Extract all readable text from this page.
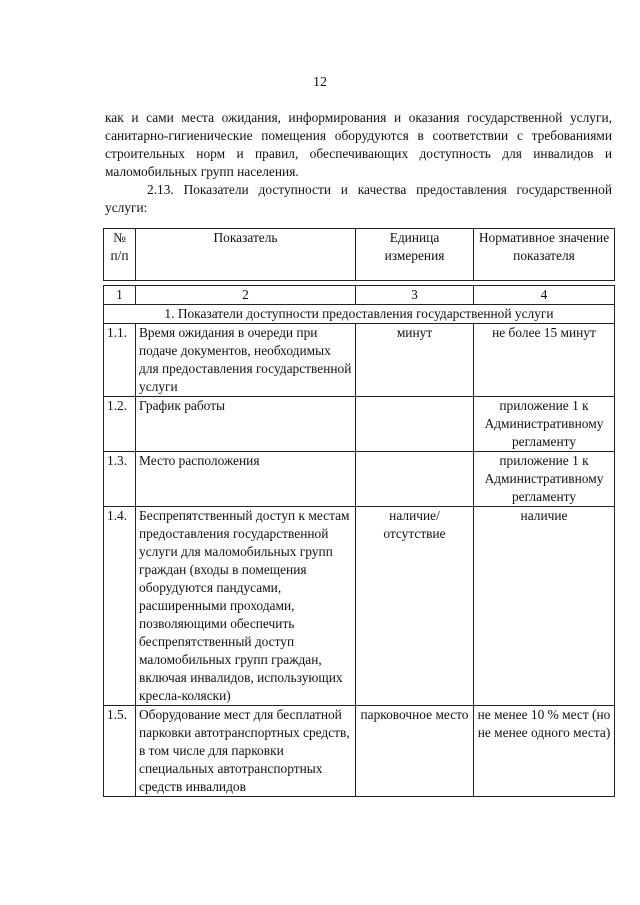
12

как и сами места ожидания, информирования и оказания государственной услуги, санитарно-гигиенические помещения оборудуются в соответствии с требованиями строительных норм и правил, обеспечивающих доступность для инвалидов и маломобильных групп населения.

2.13. Показатели доступности и качества предоставления государственной услуги:

№ п/п	Показатель	Единица измерения	Нормативное значение показателя

1	2	3	4
1. Показатели доступности предоставления государственной услуги			
1.1.	Время ожидания в очереди при подаче документов, необходимых для предоставления государственной услуги	минут	не более 15 минут
1.2.	График работы		приложение 1 к Административному регламенту
1.3.	Место расположения		приложение 1 к Административному регламенту
1.4.	Беспрепятственный доступ к местам предоставления государственной услуги для маломобильных групп граждан (входы в помещения оборудуются пандусами, расширенными проходами, позволяющими обеспечить беспрепятственный доступ маломобильных групп граждан, включая инвалидов, использующих кресла-коляски)	наличие/ отсутствие	наличие
1.5.	Оборудование мест для бесплатной парковки автотранспортных средств, в том числе для парковки специальных автотранспортных средств инвалидов	парковочное место	не менее 10 % мест (но не менее одного места)
